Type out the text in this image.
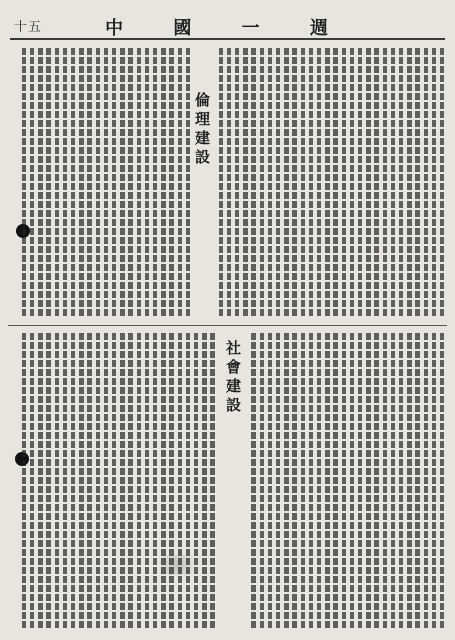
中 國 一 週
十五
倫理建設
社會建設
